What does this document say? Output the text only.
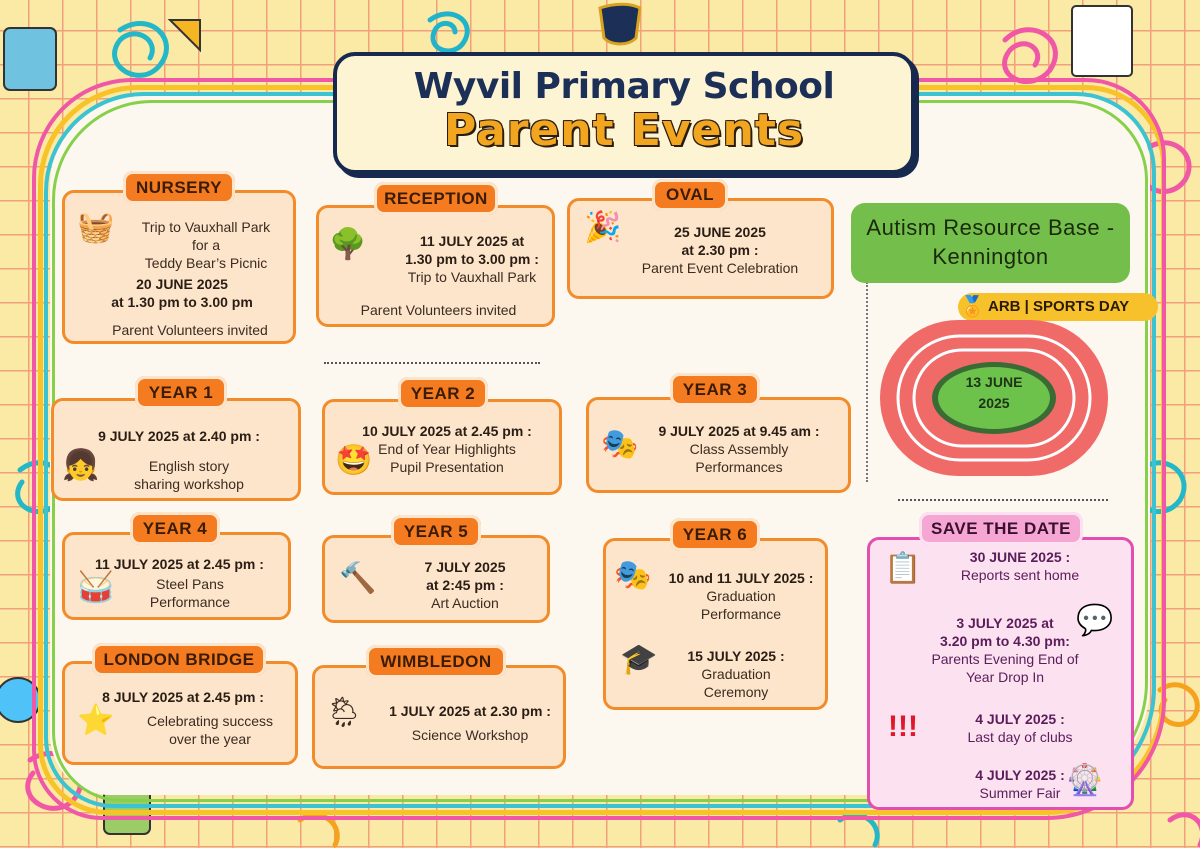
Wyvil Primary School
Parent Events
Trip to Vauxhall Park
for a
Teddy Bear’s Picnic
20 JUNE 2025
at 1.30 pm to 3.00 pm
Parent Volunteers invited
🧺
NURSERY
11 JULY 2025 at
1.30 pm to 3.00 pm :
Trip to Vauxhall Park
Parent Volunteers invited
🌳
RECEPTION
25 JUNE 2025
at 2.30 pm :
Parent Event Celebration
🎉
OVAL
9 JULY 2025 at 2.40 pm :
English story
sharing workshop
👧
YEAR 1
10 JULY 2025 at 2.45 pm :
End of Year Highlights
Pupil Presentation
🤩
YEAR 2
9 JULY 2025 at 9.45 am :
Class Assembly
Performances
🎭
YEAR 3
11 JULY 2025 at 2.45 pm :
Steel Pans
Performance
🥁
YEAR 4
7 JULY 2025
at 2:45 pm :
Art Auction
🔨
YEAR 5
10 and 11 JULY 2025 :
Graduation
Performance
15 JULY 2025 :
Graduation
Ceremony
🎭
🎓
YEAR 6
8 JULY 2025 at 2.45 pm :
Celebrating success
over the year
⭐
LONDON BRIDGE
1 JULY 2025 at 2.30 pm :
Science Workshop
🌦
WIMBLEDON
Autism Resource Base -
Kennington
ARB | SPORTS DAY
🏅
13 JUNE
2025
📋	30 JUNE 2025 :
Reports sent home
💬
3 JULY 2025 at
3.20 pm to 4.30 pm:
Parents Evening End of
Year Drop In
!!!	4 JULY 2025 :
Last day of clubs
🎡
4 JULY 2025 :
Summer Fair
SAVE THE DATE
